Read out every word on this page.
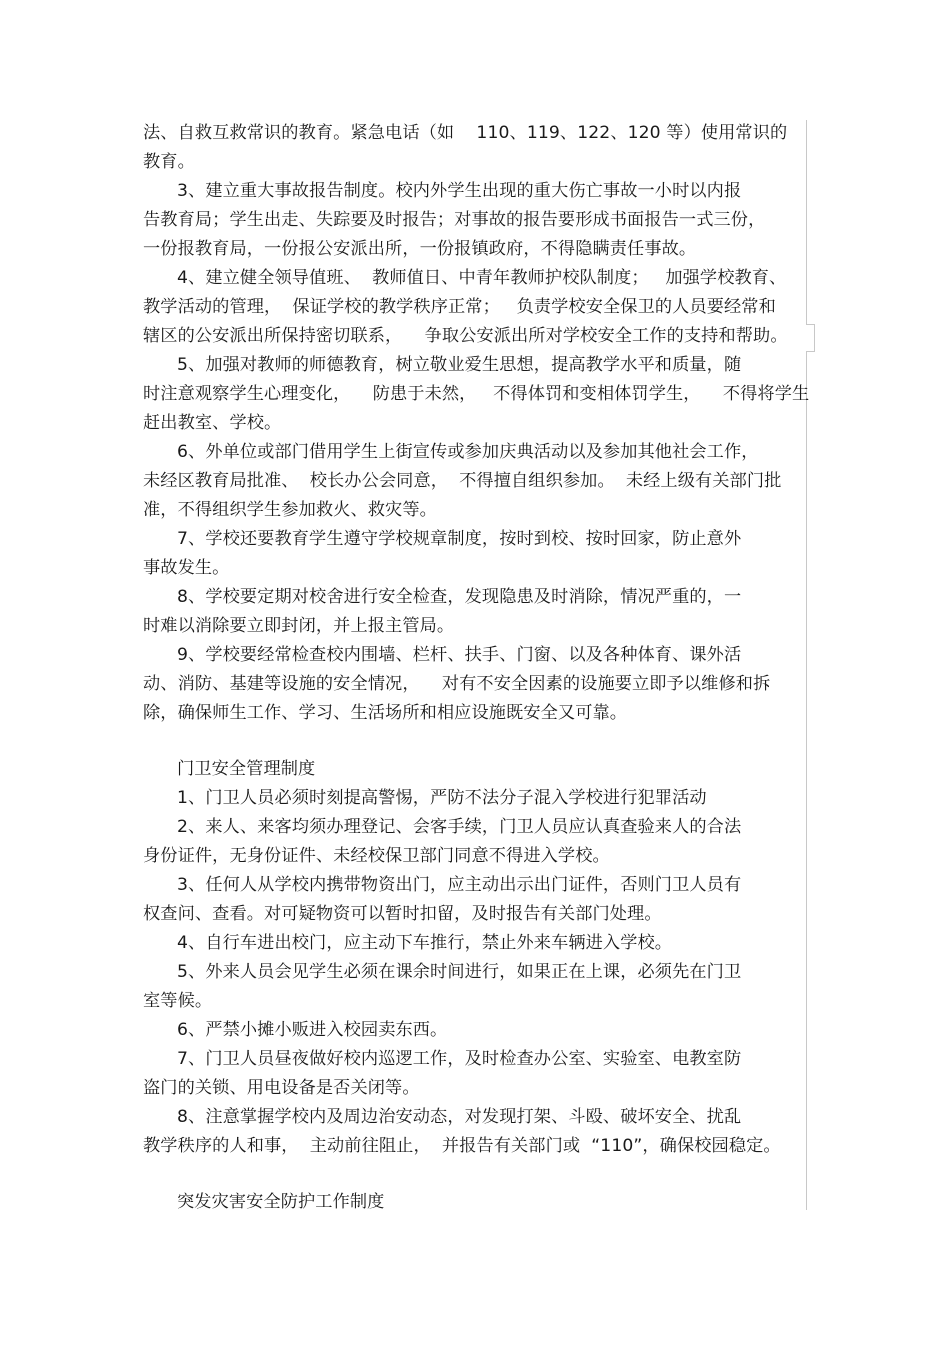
法、自救互救常识的教育。紧急电话（如    110、119、122、120 等）使用常识的
教育。
3、建立重大事故报告制度。校内外学生出现的重大伤亡事故一小时以内报
告教育局；学生出走、失踪要及时报告；对事故的报告要形成书面报告一式三份，
一份报教育局，一份报公安派出所，一份报镇政府，不得隐瞒责任事故。
4、建立健全领导值班、  教师值日、中青年教师护校队制度；   加强学校教育、
教学活动的管理，  保证学校的教学秩序正常；   负责学校安全保卫的人员要经常和
辖区的公安派出所保持密切联系，    争取公安派出所对学校安全工作的支持和帮助。
5、加强对教师的师德教育，树立敬业爱生思想，提高教学水平和质量，随
时注意观察学生心理变化，    防患于未然，   不得体罚和变相体罚学生，    不得将学生
赶出教室、学校。
6、外单位或部门借用学生上街宣传或参加庆典活动以及参加其他社会工作，
未经区教育局批准、  校长办公会同意，  不得擅自组织参加。  未经上级有关部门批
准，不得组织学生参加救火、救灾等。
7、学校还要教育学生遵守学校规章制度，按时到校、按时回家，防止意外
事故发生。
8、学校要定期对校舍进行安全检查，发现隐患及时消除，情况严重的，一
时难以消除要立即封闭，并上报主管局。
9、学校要经常检查校内围墙、栏杆、扶手、门窗、以及各种体育、课外活
动、消防、基建等设施的安全情况，    对有不安全因素的设施要立即予以维修和拆
除，确保师生工作、学习、生活场所和相应设施既安全又可靠。
门卫安全管理制度
1、门卫人员必须时刻提高警惕，严防不法分子混入学校进行犯罪活动
2、来人、来客均须办理登记、会客手续，门卫人员应认真查验来人的合法
身份证件，无身份证件、未经校保卫部门同意不得进入学校。
3、任何人从学校内携带物资出门，应主动出示出门证件，否则门卫人员有
权查问、查看。对可疑物资可以暂时扣留，及时报告有关部门处理。
4、自行车进出校门，应主动下车推行，禁止外来车辆进入学校。
5、外来人员会见学生必须在课余时间进行，如果正在上课，必须先在门卫
室等候。
6、严禁小摊小贩进入校园卖东西。
7、门卫人员昼夜做好校内巡逻工作，及时检查办公室、实验室、电教室防
盗门的关锁、用电设备是否关闭等。
8、注意掌握学校内及周边治安动态，对发现打架、斗殴、破坏安全、扰乱
教学秩序的人和事，  主动前往阻止，  并报告有关部门或  “110”，确保校园稳定。
突发灾害安全防护工作制度
